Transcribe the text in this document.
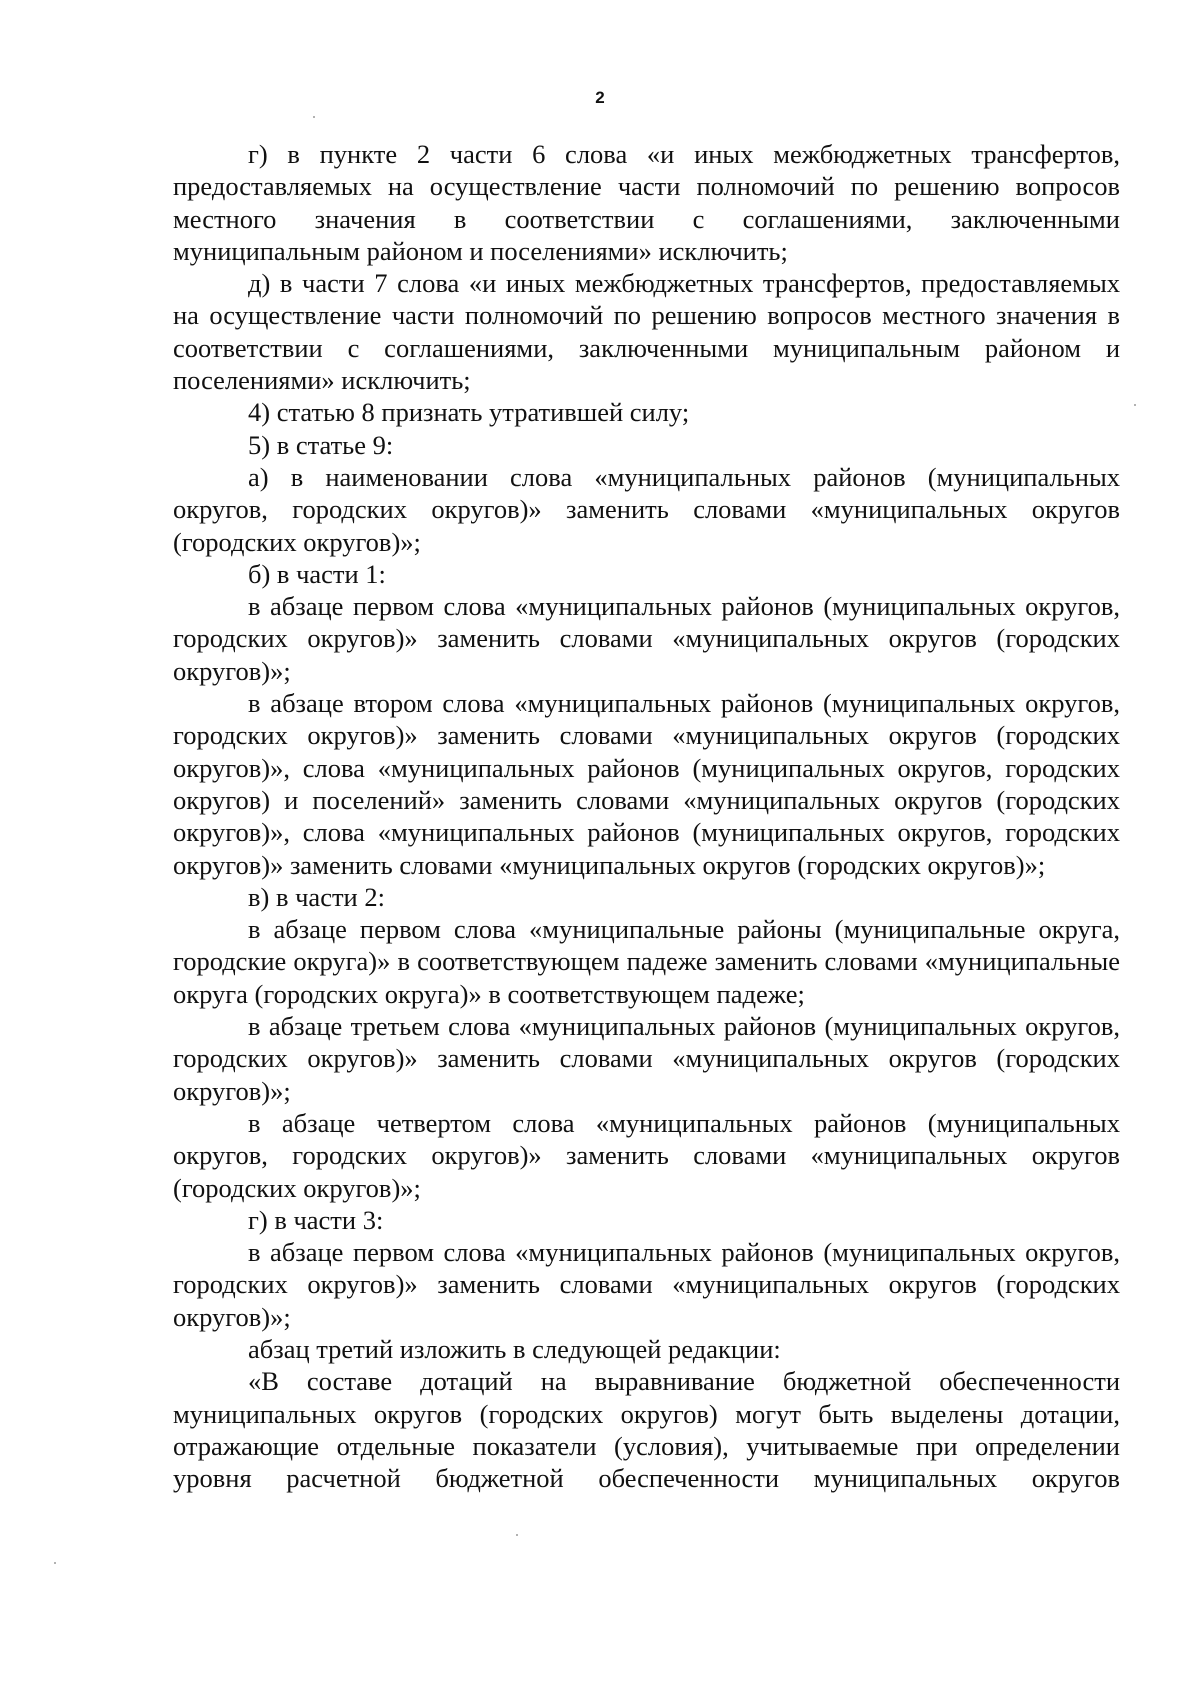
2

г) в пункте 2 части 6 слова «и иных межбюджетных трансфертов, предоставляемых на осуществление части полномочий по решению вопросов местного значения в соответствии с соглашениями, заключенными муниципальным районом и поселениями» исключить;

д) в части 7 слова «и иных межбюджетных трансфертов, предоставляемых на осуществление части полномочий по решению вопросов местного значения в соответствии с соглашениями, заключенными муниципальным районом и поселениями» исключить;

4) статью 8 признать утратившей силу;

5) в статье 9:

а) в наименовании слова «муниципальных районов (муниципальных округов, городских округов)» заменить словами «муниципальных округов (городских округов)»;

б) в части 1:

в абзаце первом слова «муниципальных районов (муниципальных округов, городских округов)» заменить словами «муниципальных округов (городских округов)»;

в абзаце втором слова «муниципальных районов (муниципальных округов, городских округов)» заменить словами «муниципальных округов (городских округов)», слова «муниципальных районов (муниципальных округов, городских округов) и поселений» заменить словами «муниципальных округов (городских округов)», слова «муниципальных районов (муниципальных округов, городских округов)» заменить словами «муниципальных округов (городских округов)»;

в) в части 2:

в абзаце первом слова «муниципальные районы (муниципальные округа, городские округа)» в соответствующем падеже заменить словами «муниципальные округа (городских округа)» в соответствующем падеже;

в абзаце третьем слова «муниципальных районов (муниципальных округов, городских округов)» заменить словами «муниципальных округов (городских округов)»;

в абзаце четвертом слова «муниципальных районов (муниципальных округов, городских округов)» заменить словами «муниципальных округов (городских округов)»;

г) в части 3:

в абзаце первом слова «муниципальных районов (муниципальных округов, городских округов)» заменить словами «муниципальных округов (городских округов)»;

абзац третий изложить в следующей редакции:

«В составе дотаций на выравнивание бюджетной обеспеченности муниципальных округов (городских округов) могут быть выделены дотации, отражающие отдельные показатели (условия), учитываемые при определении уровня расчетной бюджетной обеспеченности муниципальных округов
